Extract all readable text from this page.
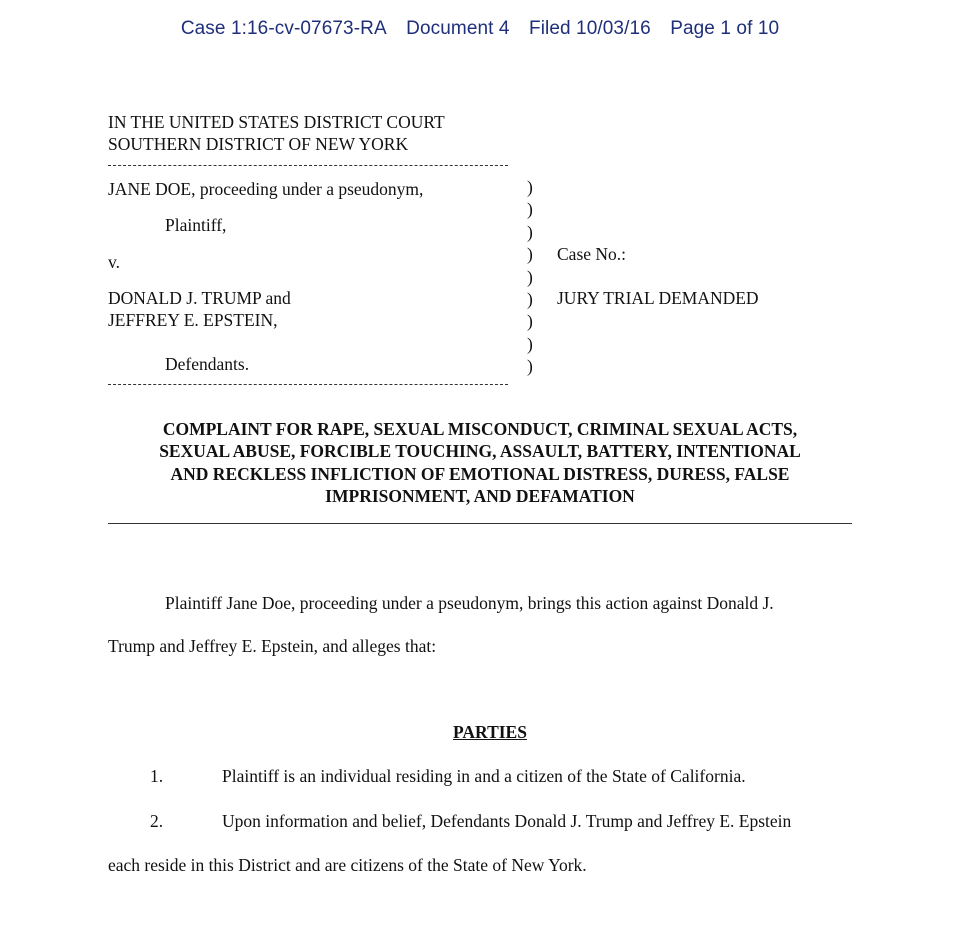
Case 1:16-cv-07673-RA Document 4 Filed 10/03/16 Page 1 of 10
IN THE UNITED STATES DISTRICT COURT
SOUTHERN DISTRICT OF NEW YORK
JANE DOE, proceeding under a pseudonym,
Plaintiff,
v.
DONALD J. TRUMP and
JEFFREY E. EPSTEIN,
Defendants.
)
)
)
)
)
)
)
)
)
Case No.:
JURY TRIAL DEMANDED
COMPLAINT FOR RAPE, SEXUAL MISCONDUCT, CRIMINAL SEXUAL ACTS,
SEXUAL ABUSE, FORCIBLE TOUCHING, ASSAULT, BATTERY, INTENTIONAL
AND RECKLESS INFLICTION OF EMOTIONAL DISTRESS, DURESS, FALSE
IMPRISONMENT, AND DEFAMATION
Plaintiff Jane Doe, proceeding under a pseudonym, brings this action against Donald J.
Trump and Jeffrey E. Epstein, and alleges that:
PARTIES
1.	Plaintiff is an individual residing in and a citizen of the State of California.
2.	Upon information and belief, Defendants Donald J. Trump and Jeffrey E. Epstein
each reside in this District and are citizens of the State of New York.
